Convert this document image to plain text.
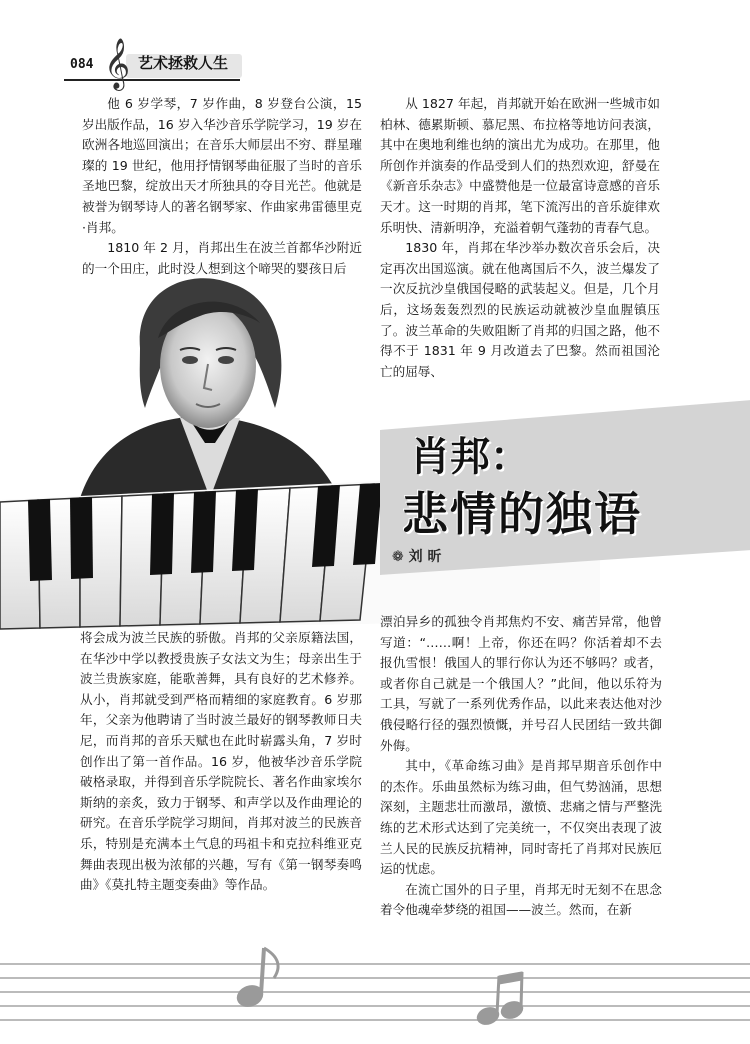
084 𝄞 艺术拯救人生

他 6 岁学琴，7 岁作曲，8 岁登台公演，15 岁出版作品，16 岁入华沙音乐学院学习，19 岁在欧洲各地巡回演出；在音乐大师层出不穷、群星璀璨的 19 世纪，他用抒情钢琴曲征服了当时的音乐圣地巴黎，绽放出天才所独具的夺目光芒。他就是被誉为钢琴诗人的著名钢琴家、作曲家弗雷德里克·肖邦。

1810 年 2 月，肖邦出生在波兰首都华沙附近的一个田庄，此时没人想到这个啼哭的婴孩日后

从 1827 年起，肖邦就开始在欧洲一些城市如柏林、德累斯顿、慕尼黑、布拉格等地访问表演，其中在奥地利维也纳的演出尤为成功。在那里，他所创作并演奏的作品受到人们的热烈欢迎，舒曼在《新音乐杂志》中盛赞他是一位最富诗意感的音乐天才。这一时期的肖邦，笔下流泻出的音乐旋律欢乐明快、清新明净，充溢着朝气蓬勃的青春气息。

1830 年，肖邦在华沙举办数次音乐会后，决定再次出国巡演。就在他离国后不久，波兰爆发了一次反抗沙皇俄国侵略的武装起义。但是，几个月后，这场轰轰烈烈的民族运动就被沙皇血腥镇压了。波兰革命的失败阻断了肖邦的归国之路，他不得不于 1831 年 9 月改道去了巴黎。然而祖国沦亡的屈辱、

肖邦：
悲情的独语
❁ 刘 昕

将会成为波兰民族的骄傲。肖邦的父亲原籍法国，在华沙中学以教授贵族子女法文为生；母亲出生于波兰贵族家庭，能歌善舞，具有良好的艺术修养。从小，肖邦就受到严格而精细的家庭教育。6 岁那年，父亲为他聘请了当时波兰最好的钢琴教师日夫尼，而肖邦的音乐天赋也在此时崭露头角，7 岁时创作出了第一首作品。16 岁，他被华沙音乐学院破格录取，并得到音乐学院院长、著名作曲家埃尔斯纳的亲炙，致力于钢琴、和声学以及作曲理论的研究。在音乐学院学习期间，肖邦对波兰的民族音乐，特别是充满本土气息的玛祖卡和克拉科维亚克舞曲表现出极为浓郁的兴趣，写有《第一钢琴奏鸣曲》《莫扎特主题变奏曲》等作品。

漂泊异乡的孤独令肖邦焦灼不安、痛苦异常，他曾写道：“……啊！上帝，你还在吗？你活着却不去报仇雪恨！俄国人的罪行你认为还不够吗？或者，或者你自己就是一个俄国人？”此间，他以乐符为工具，写就了一系列优秀作品，以此来表达他对沙俄侵略行径的强烈愤慨，并号召人民团结一致共御外侮。

其中，《革命练习曲》是肖邦早期音乐创作中的杰作。乐曲虽然标为练习曲，但气势汹涌，思想深刻，主题悲壮而激昂，激愤、悲痛之情与严整洗练的艺术形式达到了完美统一，不仅突出表现了波兰人民的民族反抗精神，同时寄托了肖邦对民族厄运的忧虑。

在流亡国外的日子里，肖邦无时无刻不在思念着令他魂牵梦绕的祖国——波兰。然而，在新
